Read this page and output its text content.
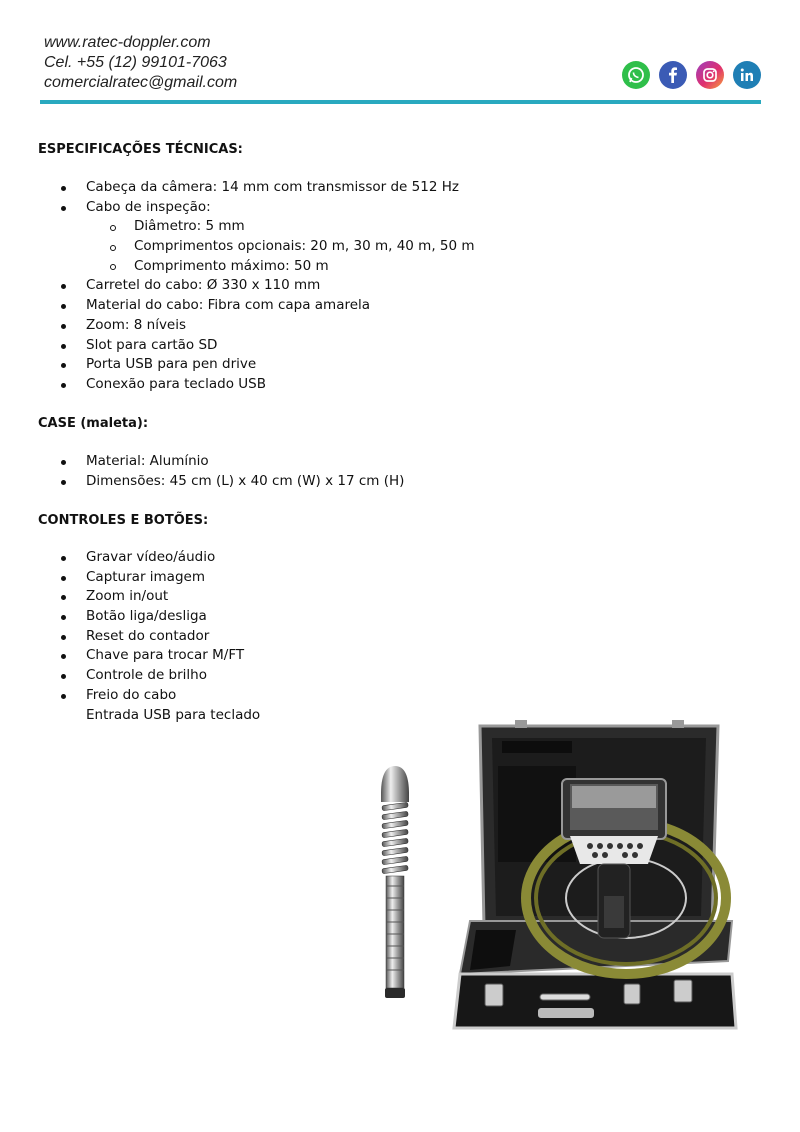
www.ratec-doppler.com
Cel. +55 (12) 99101-7063
comercialratec@gmail.com
ESPECIFICAÇÕES TÉCNICAS:
Cabeça da câmera: 14 mm com transmissor de 512 Hz
Cabo de inspeção:
Diâmetro: 5 mm
Comprimentos opcionais: 20 m, 30 m, 40 m, 50 m
Comprimento máximo: 50 m
Carretel do cabo: Ø 330 x 110 mm
Material do cabo: Fibra com capa amarela
Zoom: 8 níveis
Slot para cartão SD
Porta USB para pen drive
Conexão para teclado USB
CASE (maleta):
Material: Alumínio
Dimensões: 45 cm (L) x 40 cm (W) x 17 cm (H)
CONTROLES E BOTÕES:
Gravar vídeo/áudio
Capturar imagem
Zoom in/out
Botão liga/desliga
Reset do contador
Chave para trocar M/FT
Controle de brilho
Freio do cabo
Entrada USB para teclado
